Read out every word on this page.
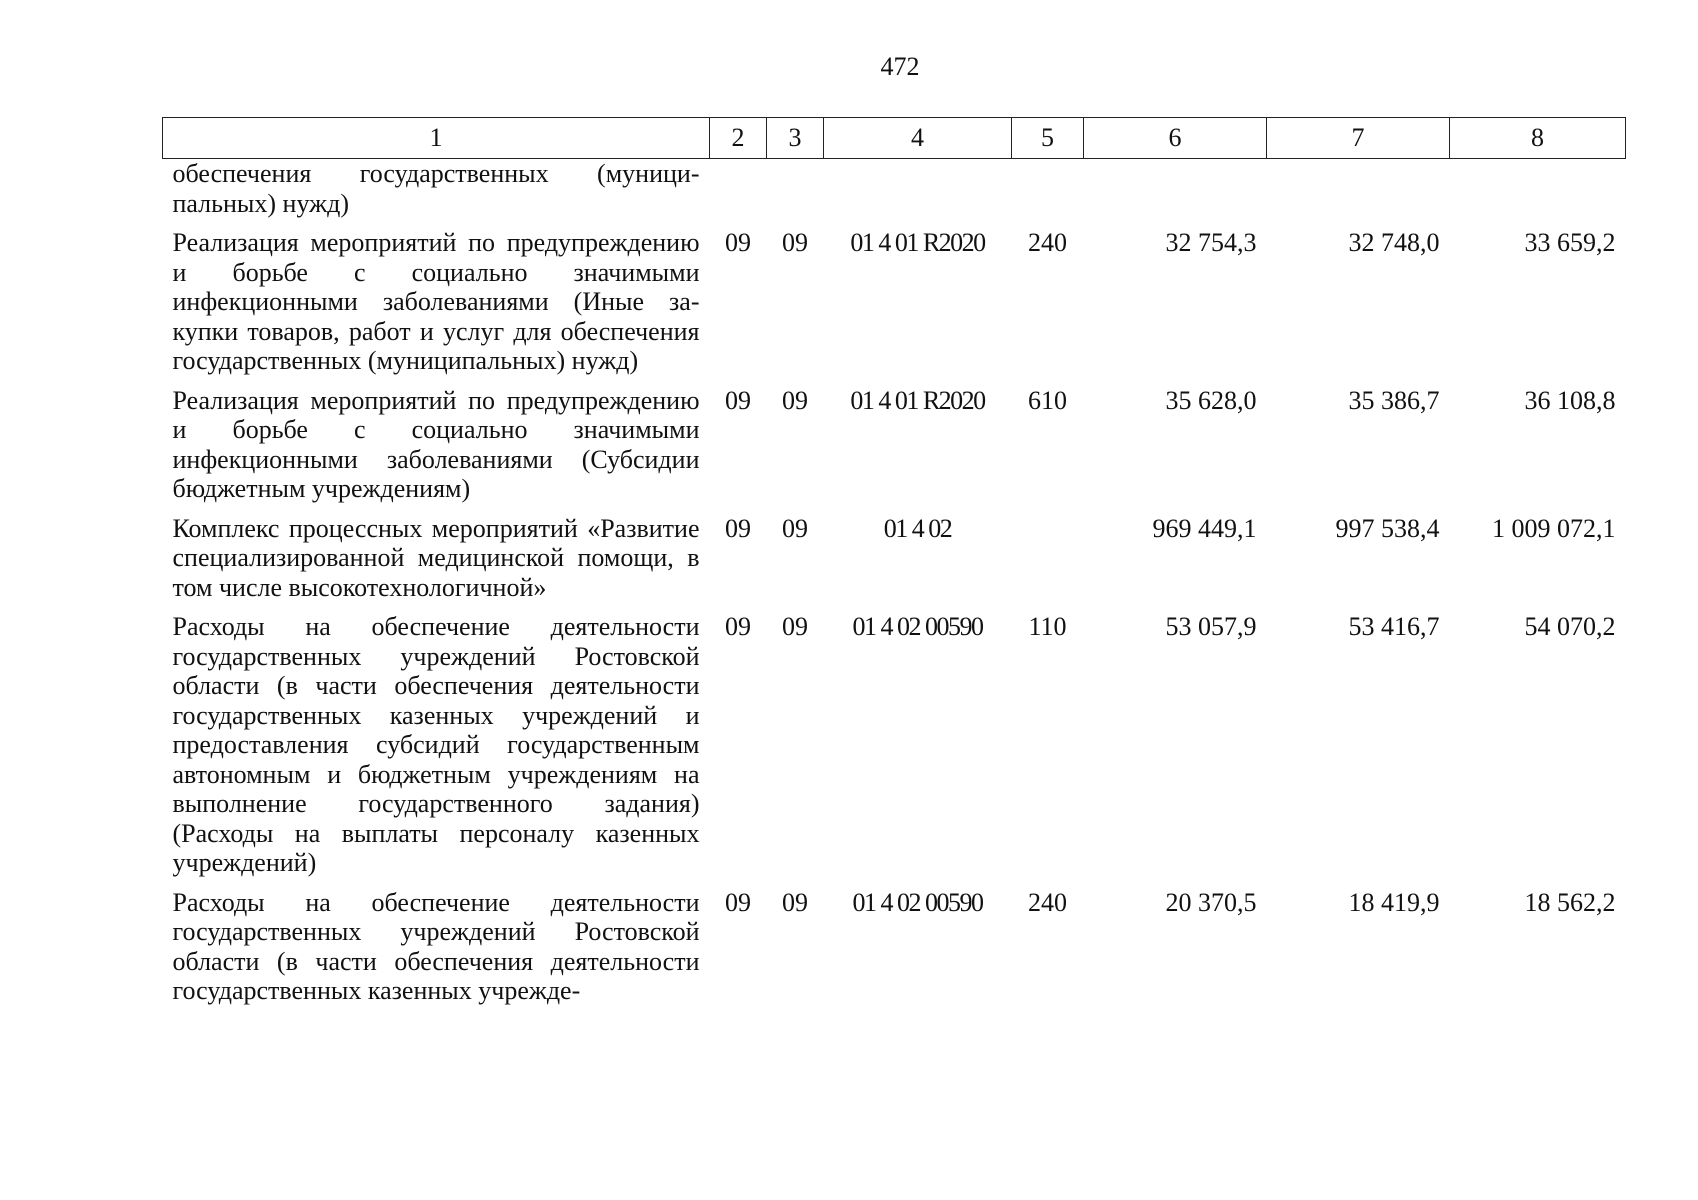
472
1	2	3	4	5	6	7	8
обеспечения государственных (муниципальных) нужд)							
Реализация мероприятий по предупреждению и борьбе с социально значимыми инфекционными заболеваниями (Иные закупки товаров, работ и услуг для обеспечения государственных (муниципальных) нужд)	09	09	01 4 01 R2020	240	32 754,3	32 748,0	33 659,2
Реализация мероприятий по предупреждению и борьбе с социально значимыми инфекционными заболеваниями (Субсидии бюджетным учреждениям)	09	09	01 4 01 R2020	610	35 628,0	35 386,7	36 108,8
Комплекс процессных мероприятий «Развитие специализированной медицинской помощи, в том числе высокотехнологичной»	09	09	01 4 02		969 449,1	997 538,4	1 009 072,1
Расходы на обеспечение деятельности государственных учреждений Ростовской области (в части обеспечения деятельности государственных казенных учреждений и предоставления субсидий государственным автономным и бюджетным учреждениям на выполнение государственного задания) (Расходы на выплаты персоналу казенных учреждений)	09	09	01 4 02 00590	110	53 057,9	53 416,7	54 070,2
Расходы на обеспечение деятельности государственных учреждений Ростовской области (в части обеспечения деятельности государственных казенных учрежде-	09	09	01 4 02 00590	240	20 370,5	18 419,9	18 562,2
